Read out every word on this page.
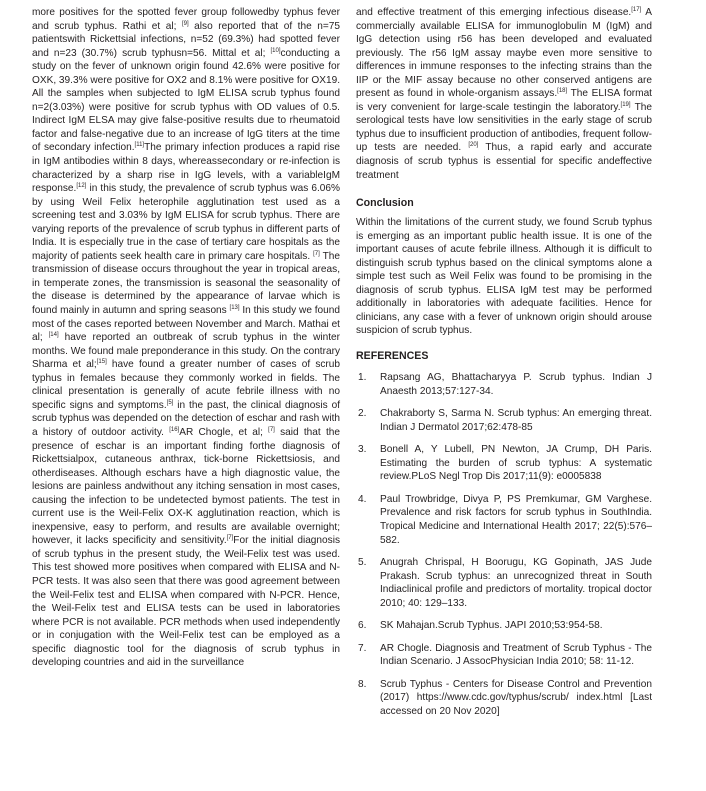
more positives for the spotted fever group followedby typhus fever and scrub typhus. Rathi et al; [9] also reported that of the n=75 patientswith Rickettsial infections, n=52 (69.3%) had spotted fever and n=23 (30.7%) scrub typhusn=56. Mittal et al; [10]conducting a study on the fever of unknown origin found 42.6% were positive for OXK, 39.3% were positive for OX2 and 8.1% were positive for OX19. All the samples when subjected to IgM ELISA scrub typhus found n=2(3.03%) were positive for scrub typhus with OD values of 0.5. Indirect IgM ELSA may give false-positive results due to rheumatoid factor and false-negative due to an increase of IgG titers at the time of secondary infection.[11]The primary infection produces a rapid rise in IgM antibodies within 8 days, whereassecondary or re-infection is characterized by a sharp rise in IgG levels, with a variableIgM response.[12] in this study, the prevalence of scrub typhus was 6.06% by using Weil Felix heterophile agglutination test used as a screening test and 3.03% by IgM ELISA for scrub typhus. There are varying reports of the prevalence of scrub typhus in different parts of India. It is especially true in the case of tertiary care hospitals as the majority of patients seek health care in primary care hospitals. [7] The transmission of disease occurs throughout the year in tropical areas, in temperate zones, the transmission is seasonal the seasonality of the disease is determined by the appearance of larvae which is found mainly in autumn and spring seasons [13] In this study we found most of the cases reported between November and March. Mathai et al; [14] have reported an outbreak of scrub typhus in the winter months. We found male preponderance in this study. On the contrary Sharma et al;[15] have found a greater number of cases of scrub typhus in females because they commonly worked in fields. The clinical presentation is generally of acute febrile illness with no specific signs and symptoms.[5] in the past, the clinical diagnosis of scrub typhus was depended on the detection of eschar and rash with a history of outdoor activity. [16]AR Chogle, et al; [7] said that the presence of eschar is an important finding forthe diagnosis of Rickettsialpox, cutaneous anthrax, tick-borne Rickettsiosis, and otherdiseases. Although eschars have a high diagnostic value, the lesions are painless andwithout any itching sensation in most cases, causing the infection to be undetected bymost patients. The test in current use is the Weil-Felix OX-K agglutination reaction, which is inexpensive, easy to perform, and results are available overnight; however, it lacks specificity and sensitivity.[7]For the initial diagnosis of scrub typhus in the present study, the Weil-Felix test was used. This test showed more positives when compared with ELISA and N-PCR tests. It was also seen that there was good agreement between the Weil-Felix test and ELISA when compared with N-PCR. Hence, the Weil-Felix test and ELISA tests can be used in laboratories where PCR is not available. PCR methods when used independently or in conjugation with the Weil-Felix test can be employed as a specific diagnostic tool for the diagnosis of scrub typhus in developing countries and aid in the surveillance

and effective treatment of this emerging infectious disease.[17] A commercially available ELISA for immunoglobulin M (IgM) and IgG detection using r56 has been developed and evaluated previously. The r56 IgM assay maybe even more sensitive to differences in immune responses to the infecting strains than the IIP or the MIF assay because no other conserved antigens are present as found in whole-organism assays.[18] The ELISA format is very convenient for large-scale testingin the laboratory.[19] The serological tests have low sensitivities in the early stage of scrub typhus due to insufficient production of antibodies, frequent follow-up tests are needed. [20] Thus, a rapid early and accurate diagnosis of scrub typhus is essential for specific andeffective treatment

Conclusion

Within the limitations of the current study, we found Scrub typhus is emerging as an important public health issue. It is one of the important causes of acute febrile illness. Although it is difficult to distinguish scrub typhus based on the clinical symptoms alone a simple test such as Weil Felix was found to be promising in the diagnosis of scrub typhus. ELISA IgM test may be performed additionally in laboratories with adequate facilities. Hence for clinicians, any case with a fever of unknown origin should arouse suspicion of scrub typhus.

REFERENCES
1. Rapsang AG, Bhattacharyya P. Scrub typhus. Indian J Anaesth 2013;57:127-34.
2. Chakraborty S, Sarma N. Scrub typhus: An emerging threat. Indian J Dermatol 2017;62:478-85
3. Bonell A, Y Lubell, PN Newton, JA Crump, DH Paris. Estimating the burden of scrub typhus: A systematic review.PLoS Negl Trop Dis 2017;11(9): e0005838
4. Paul Trowbridge, Divya P, PS Premkumar, GM Varghese. Prevalence and risk factors for scrub typhus in SouthIndia. Tropical Medicine and International Health 2017; 22(5):576–582.
5. Anugrah Chrispal, H Boorugu, KG Gopinath, JAS Jude Prakash. Scrub typhus: an unrecognized threat in South Indiaclinical profile and predictors of mortality. tropical doctor 2010; 40: 129–133.
6. SK Mahajan.Scrub Typhus. JAPI 2010;53:954-58.
7. AR Chogle. Diagnosis and Treatment of Scrub Typhus - The Indian Scenario. J AssocPhysician India 2010; 58: 11-12.
8. Scrub Typhus - Centers for Disease Control and Prevention (2017) https://www.cdc.gov/typhus/scrub/ index.html [Last accessed on 20 Nov 2020]
